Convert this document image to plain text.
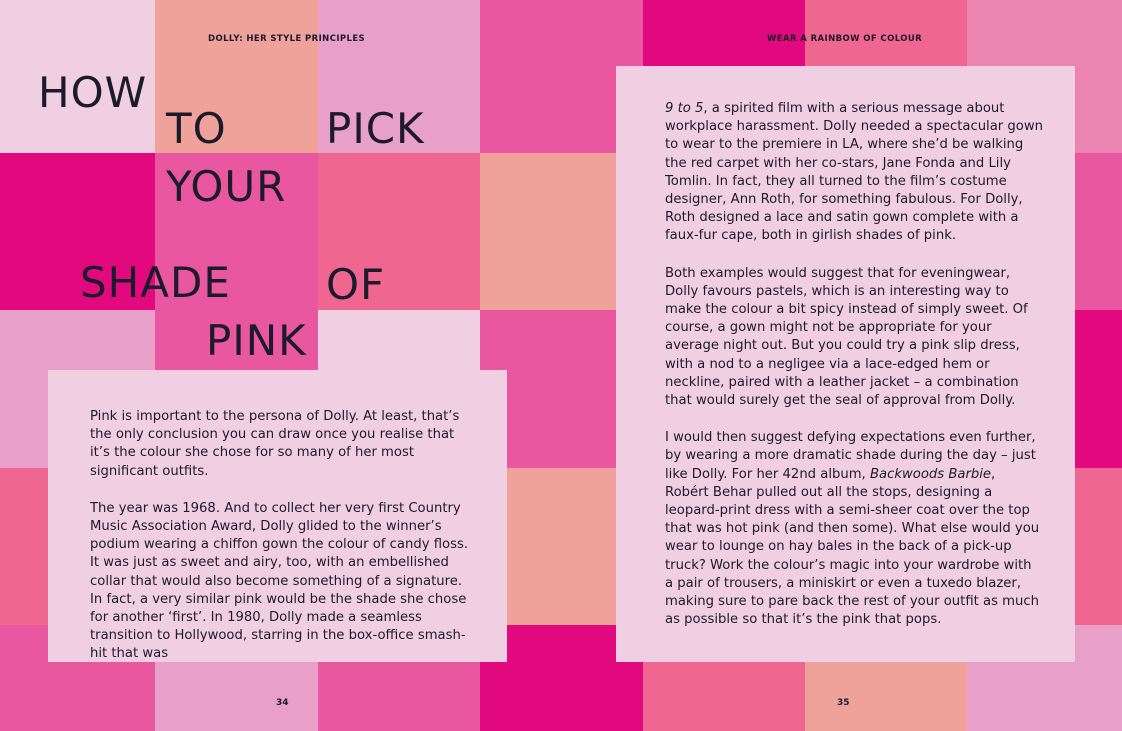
DOLLY: HER STYLE PRINCIPLES
HOW
TO PICK
YOUR
SHADE OF
PINK

Pink is important to the persona of Dolly. At least, that’s the only conclusion you can draw once you realise that it’s the colour she chose for so many of her most significant outfits.

The year was 1968. And to collect her very first Country Music Association Award, Dolly glided to the winner’s podium wearing a chiffon gown the colour of candy floss. It was just as sweet and airy, too, with an embellished collar that would also become something of a signature. In fact, a very similar pink would be the shade she chose for another ‘first’. In 1980, Dolly made a seamless transition to Hollywood, starring in the box-office smash-hit that was

34
WEAR A RAINBOW OF COLOUR

9 to 5, a spirited film with a serious message about workplace harassment. Dolly needed a spectacular gown to wear to the premiere in LA, where she’d be walking the red carpet with her co-stars, Jane Fonda and Lily Tomlin. In fact, they all turned to the film’s costume designer, Ann Roth, for something fabulous. For Dolly, Roth designed a lace and satin gown complete with a faux-fur cape, both in girlish shades of pink.

Both examples would suggest that for eveningwear, Dolly favours pastels, which is an interesting way to make the colour a bit spicy instead of simply sweet. Of course, a gown might not be appropriate for your average night out. But you could try a pink slip dress, with a nod to a negligee via a lace-edged hem or neckline, paired with a leather jacket – a combination that would surely get the seal of approval from Dolly.

I would then suggest defying expectations even further, by wearing a more dramatic shade during the day – just like Dolly. For her 42nd album, Backwoods Barbie, Robért Behar pulled out all the stops, designing a leopard-print dress with a semi-sheer coat over the top that was hot pink (and then some). What else would you wear to lounge on hay bales in the back of a pick-up truck? Work the colour’s magic into your wardrobe with a pair of trousers, a miniskirt or even a tuxedo blazer, making sure to pare back the rest of your outfit as much as possible so that it’s the pink that pops.

35
